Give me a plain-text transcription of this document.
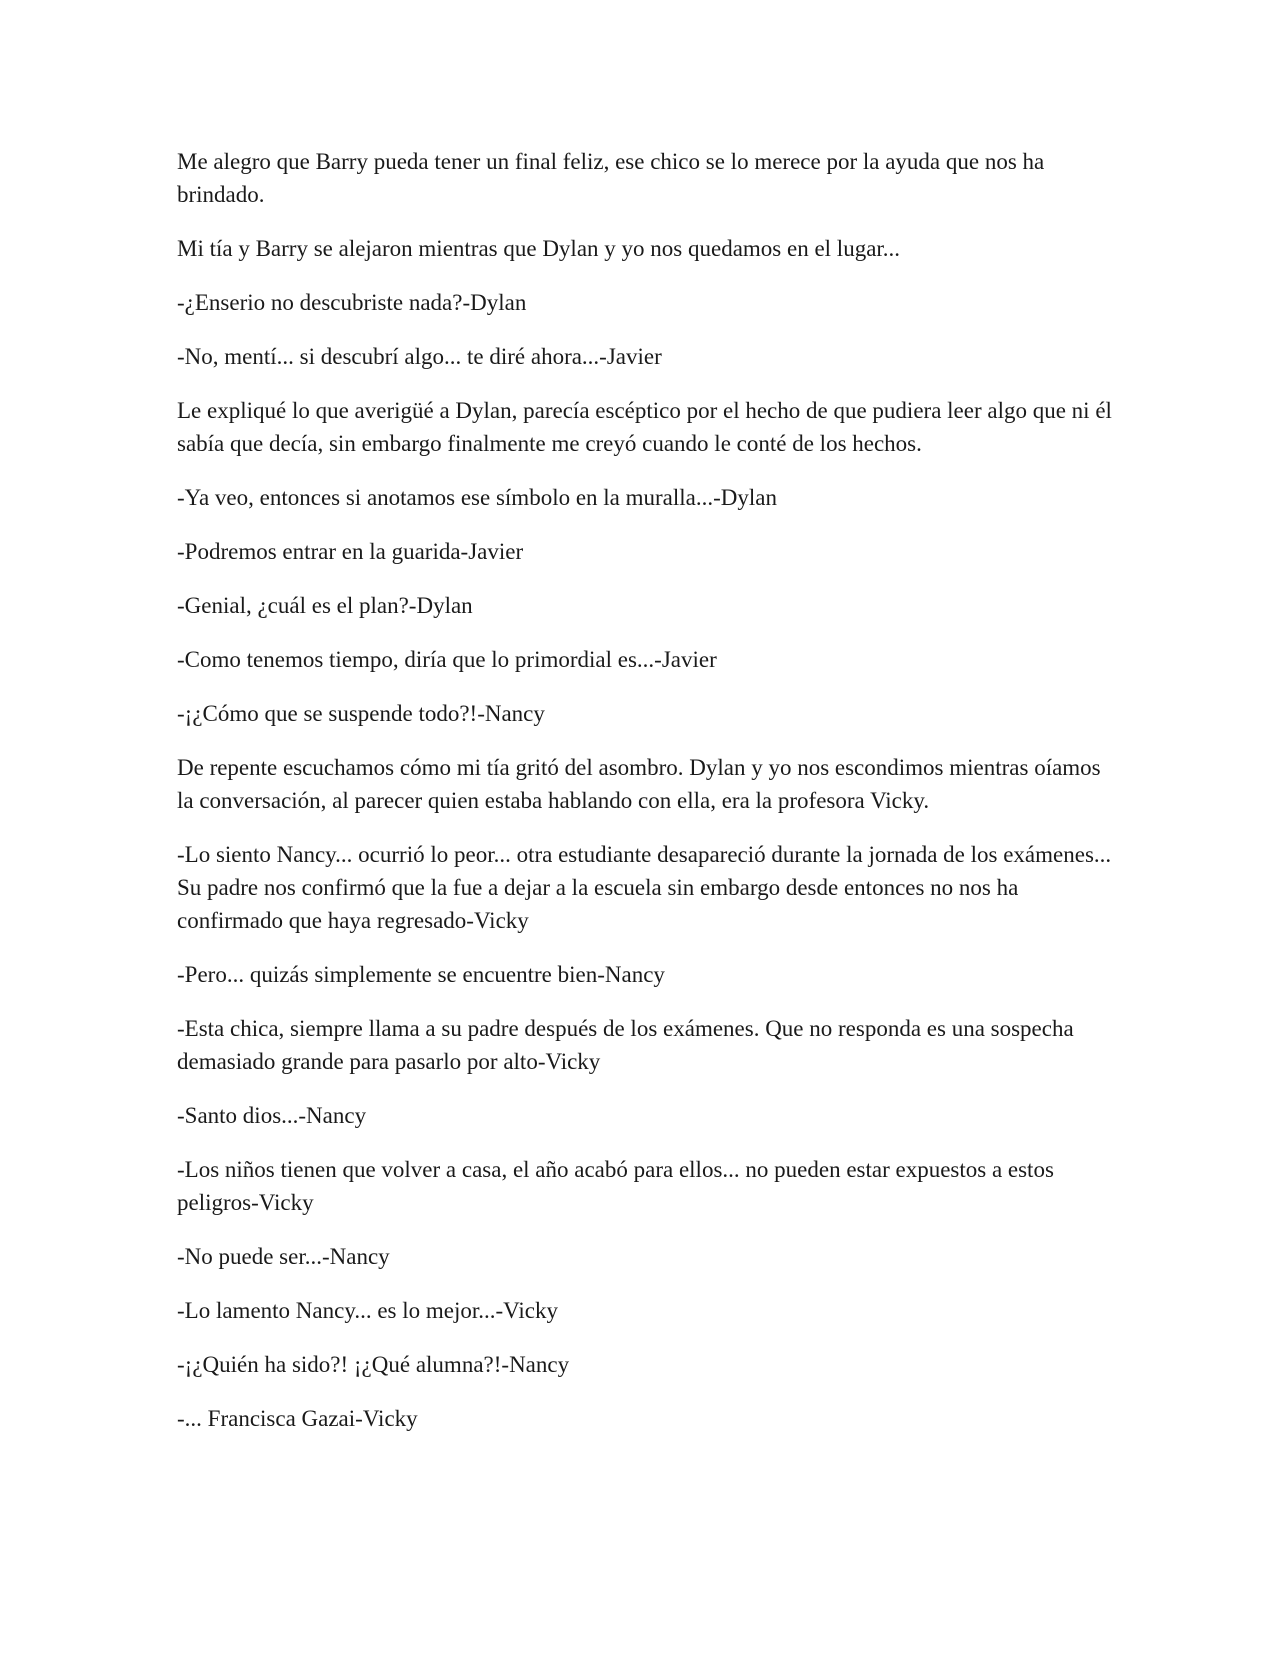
Me alegro que Barry pueda tener un final feliz, ese chico se lo merece por la ayuda que nos ha brindado.

Mi tía y Barry se alejaron mientras que Dylan y yo nos quedamos en el lugar...

-¿Enserio no descubriste nada?-Dylan

-No, mentí... si descubrí algo... te diré ahora...-Javier

Le expliqué lo que averigüé a Dylan, parecía escéptico por el hecho de que pudiera leer algo que ni él sabía que decía, sin embargo finalmente me creyó cuando le conté de los hechos.

-Ya veo, entonces si anotamos ese símbolo en la muralla...-Dylan

-Podremos entrar en la guarida-Javier

-Genial, ¿cuál es el plan?-Dylan

-Como tenemos tiempo, diría que lo primordial es...-Javier

-¡¿Cómo que se suspende todo?!-Nancy

De repente escuchamos cómo mi tía gritó del asombro. Dylan y yo nos escondimos mientras oíamos la conversación, al parecer quien estaba hablando con ella, era la profesora Vicky.

-Lo siento Nancy... ocurrió lo peor... otra estudiante desapareció durante la jornada de los exámenes... Su padre nos confirmó que la fue a dejar a la escuela sin embargo desde entonces no nos ha confirmado que haya regresado-Vicky

-Pero... quizás simplemente se encuentre bien-Nancy

-Esta chica, siempre llama a su padre después de los exámenes. Que no responda es una sospecha demasiado grande para pasarlo por alto-Vicky

-Santo dios...-Nancy

-Los niños tienen que volver a casa, el año acabó para ellos... no pueden estar expuestos a estos peligros-Vicky

-No puede ser...-Nancy

-Lo lamento Nancy... es lo mejor...-Vicky

-¡¿Quién ha sido?! ¡¿Qué alumna?!-Nancy

-... Francisca Gazai-Vicky
